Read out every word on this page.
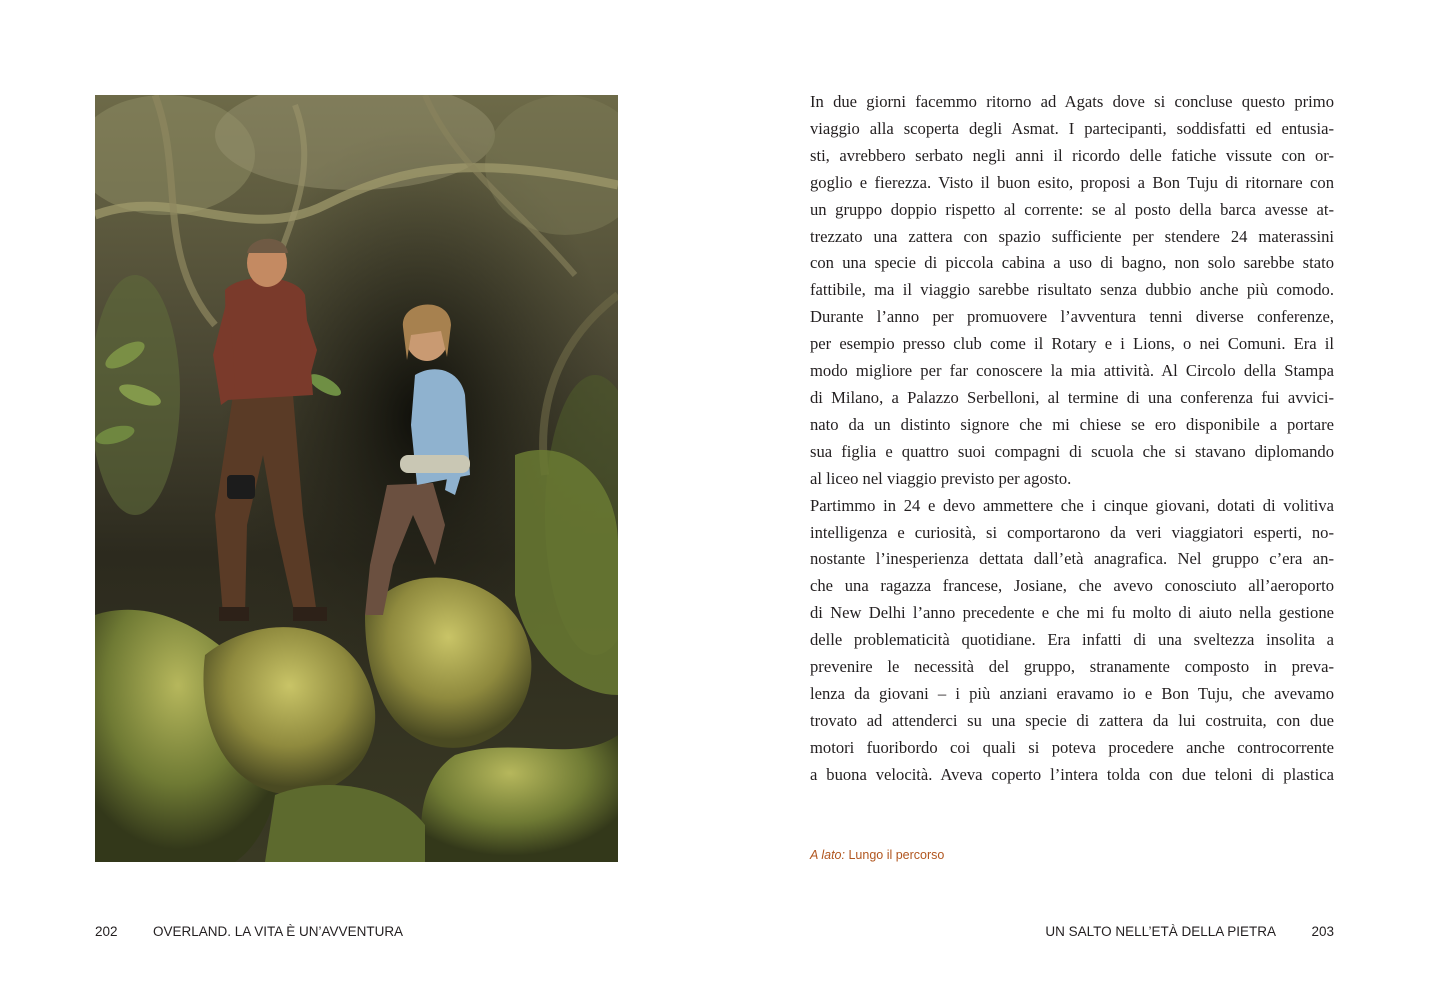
In due giorni facemmo ritorno ad Agats dove si concluse questo primo
viaggio alla scoperta degli Asmat. I partecipanti, soddisfatti ed entusia-
sti, avrebbero serbato negli anni il ricordo delle fatiche vissute con or-
goglio e fierezza. Visto il buon esito, proposi a Bon Tuju di ritornare con
un gruppo doppio rispetto al corrente: se al posto della barca avesse at-
trezzato una zattera con spazio sufficiente per stendere 24 materassini
con una specie di piccola cabina a uso di bagno, non solo sarebbe stato
fattibile, ma il viaggio sarebbe risultato senza dubbio anche più comodo.
Durante l’anno per promuovere l’avventura tenni diverse conferenze,
per esempio presso club come il Rotary e i Lions, o nei Comuni. Era il
modo migliore per far conoscere la mia attività. Al Circolo della Stampa
di Milano, a Palazzo Serbelloni, al termine di una conferenza fui avvici-
nato da un distinto signore che mi chiese se ero disponibile a portare
sua figlia e quattro suoi compagni di scuola che si stavano diplomando
al liceo nel viaggio previsto per agosto.
Partimmo in 24 e devo ammettere che i cinque giovani, dotati di volitiva
intelligenza e curiosità, si comportarono da veri viaggiatori esperti, no-
nostante l’inesperienza dettata dall’età anagrafica. Nel gruppo c’era an-
che una ragazza francese, Josiane, che avevo conosciuto all’aeroporto
di New Delhi l’anno precedente e che mi fu molto di aiuto nella gestione
delle problematicità quotidiane. Era infatti di una sveltezza insolita a
prevenire le necessità del gruppo, stranamente composto in preva-
lenza da giovani – i più anziani eravamo io e Bon Tuju, che avevamo
trovato ad attenderci su una specie di zattera da lui costruita, con due
motori fuoribordo coi quali si poteva procedere anche controcorrente
a buona velocità. Aveva coperto l’intera tolda con due teloni di plastica
A lato: Lungo il percorso
202	OVERLAND. LA VITA È UN’AVVENTURA	UN SALTO NELL’ETÀ DELLA PIETRA	203
